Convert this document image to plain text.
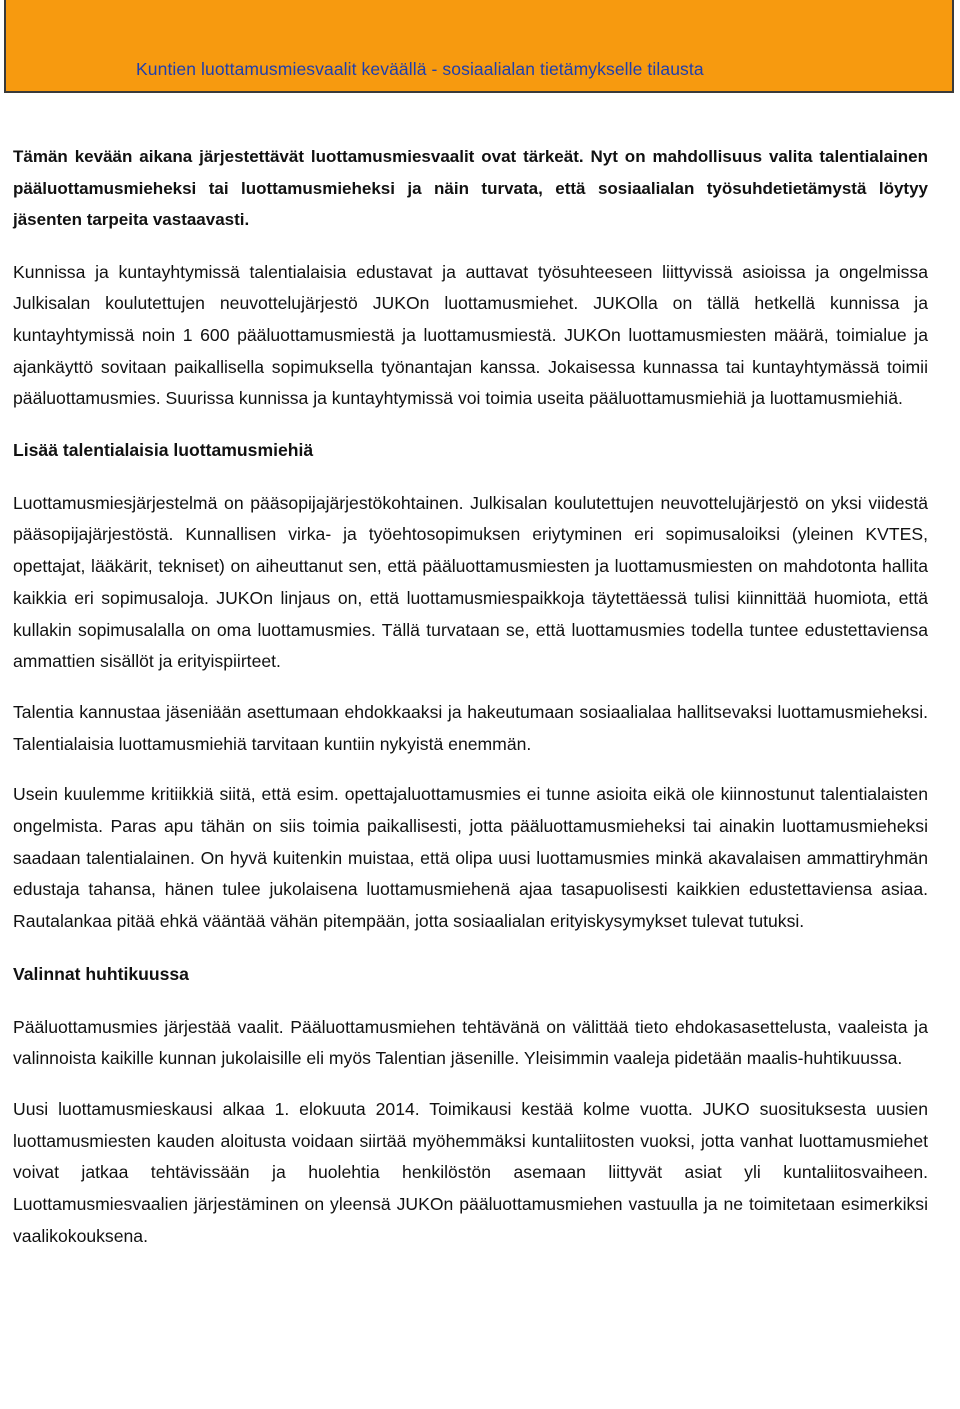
Kuntien luottamusmiesvaalit keväällä - sosiaalialan tietämykselle tilausta

Tämän kevään aikana järjestettävät luottamusmiesvaalit ovat tärkeät. Nyt on mahdollisuus valita talentialainen pääluottamusmieheksi tai luottamusmieheksi ja näin turvata, että sosiaalialan työsuhdetietämystä löytyy jäsenten tarpeita vastaavasti.

Kunnissa ja kuntayhtymissä talentialaisia edustavat ja auttavat työsuhteeseen liittyvissä asioissa ja ongelmissa Julkisalan koulutettujen neuvottelujärjestö JUKOn luottamusmiehet. JUKOlla on tällä hetkellä kunnissa ja kuntayhtymissä noin 1 600 pääluottamusmiestä ja luottamusmiestä. JUKOn luottamusmiesten määrä, toimialue ja ajankäyttö sovitaan paikallisella sopimuksella työnantajan kanssa. Jokaisessa kunnassa tai kuntayhtymässä toimii pääluottamusmies. Suurissa kunnissa ja kuntayhtymissä voi toimia useita pääluottamusmiehiä ja luottamusmiehiä.

Lisää talentialaisia luottamusmiehiä

Luottamusmiesjärjestelmä on pääsopijajärjestökohtainen. Julkisalan koulutettujen neuvottelujärjestö on yksi viidestä pääsopijajärjestöstä. Kunnallisen virka- ja työehtosopimuksen eriytyminen eri sopimusaloiksi (yleinen KVTES, opettajat, lääkärit, tekniset) on aiheuttanut sen, että pääluottamusmiesten ja luottamusmiesten on mahdotonta hallita kaikkia eri sopimusaloja. JUKOn linjaus on, että luottamusmiespaikkoja täytettäessä tulisi kiinnittää huomiota, että kullakin sopimusalalla on oma luottamusmies. Tällä turvataan se, että luottamusmies todella tuntee edustettaviensa ammattien sisällöt ja erityispiirteet.

Talentia kannustaa jäseniään asettumaan ehdokkaaksi ja hakeutumaan sosiaalialaa hallitsevaksi luottamusmieheksi. Talentialaisia luottamusmiehiä tarvitaan kuntiin nykyistä enemmän.

Usein kuulemme kritiikkiä siitä, että esim. opettajaluottamusmies ei tunne asioita eikä ole kiinnostunut talentialaisten ongelmista. Paras apu tähän on siis toimia paikallisesti, jotta pääluottamusmieheksi tai ainakin luottamusmieheksi saadaan talentialainen. On hyvä kuitenkin muistaa, että olipa uusi luottamusmies minkä akavalaisen ammattiryhmän edustaja tahansa, hänen tulee jukolaisena luottamusmiehenä ajaa tasapuolisesti kaikkien edustettaviensa asiaa. Rautalankaa pitää ehkä vääntää vähän pitempään, jotta sosiaalialan erityiskysymykset tulevat tutuksi.

Valinnat huhtikuussa

Pääluottamusmies järjestää vaalit. Pääluottamusmiehen tehtävänä on välittää tieto ehdokasasettelusta, vaaleista ja valinnoista kaikille kunnan jukolaisille eli myös Talentian jäsenille. Yleisimmin vaaleja pidetään maalis-huhtikuussa.

Uusi luottamusmieskausi alkaa 1. elokuuta 2014. Toimikausi kestää kolme vuotta. JUKO suosituksesta uusien luottamusmiesten kauden aloitusta voidaan siirtää myöhemmäksi kuntaliitosten vuoksi, jotta vanhat luottamusmiehet voivat jatkaa tehtävissään ja huolehtia henkilöstön asemaan liittyvät asiat yli kuntaliitosvaiheen. Luottamusmiesvaalien järjestäminen on yleensä JUKOn pääluottamusmiehen vastuulla ja ne toimitetaan esimerkiksi vaalikokouksena.
